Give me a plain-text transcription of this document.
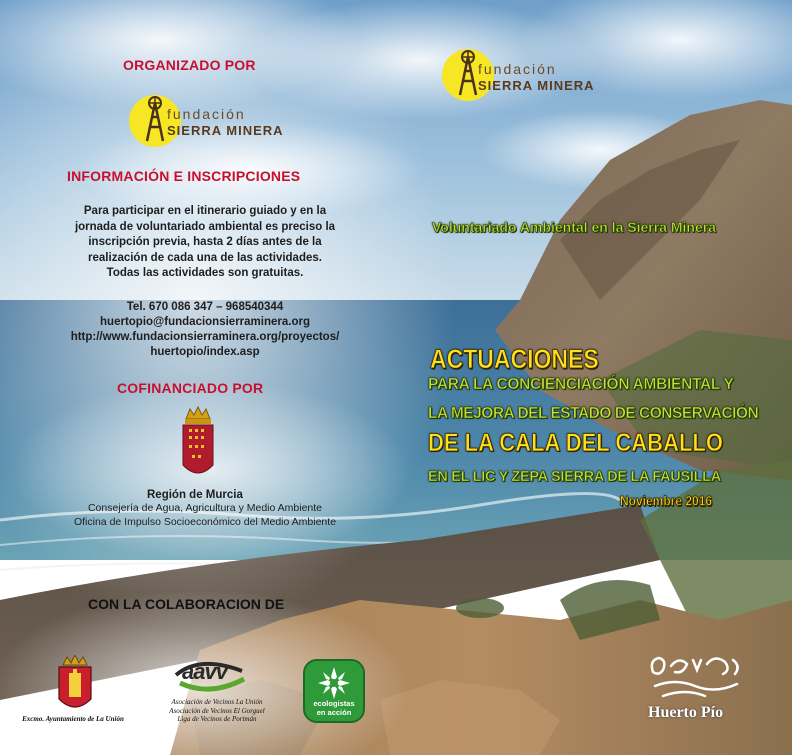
ORGANIZADO POR
fundación
SIERRA MINERA
INFORMACIÓN E INSCRIPCIONES
Para participar en el itinerario guiado y en la
jornada de voluntariado ambiental es preciso la
inscripción previa, hasta 2 días antes de la
realización de cada una de las actividades.
Todas las actividades son gratuitas.
Tel. 670 086 347 – 968540344
huertopio@fundacionsierraminera.org
http://www.fundacionsierraminera.org/proyectos/
huertopio/index.asp
COFINANCIADO POR
Región de Murcia
Consejería de Agua, Agricultura y Medio Ambiente
Oficina de Impulso Socioeconómico del Medio Ambiente
CON LA COLABORACION DE
Excmo. Ayuntamiento de La Unión
aavv
Asociación de Vecinos La Unión
Asociación de Vecinos El Gorguel
Liga de Vecinos de Portmán
ecologistas
en acción
fundación
SIERRA MINERA
Voluntariado Ambiental en la Sierra Minera
ACTUACIONES
PARA LA CONCIENCIACIÓN AMBIENTAL Y
LA MEJORA DEL ESTADO DE CONSERVACIÓN
DE LA CALA DEL CABALLO
EN EL LIC Y ZEPA SIERRA DE LA FAUSILLA
Noviembre 2016
Huerto Pío
